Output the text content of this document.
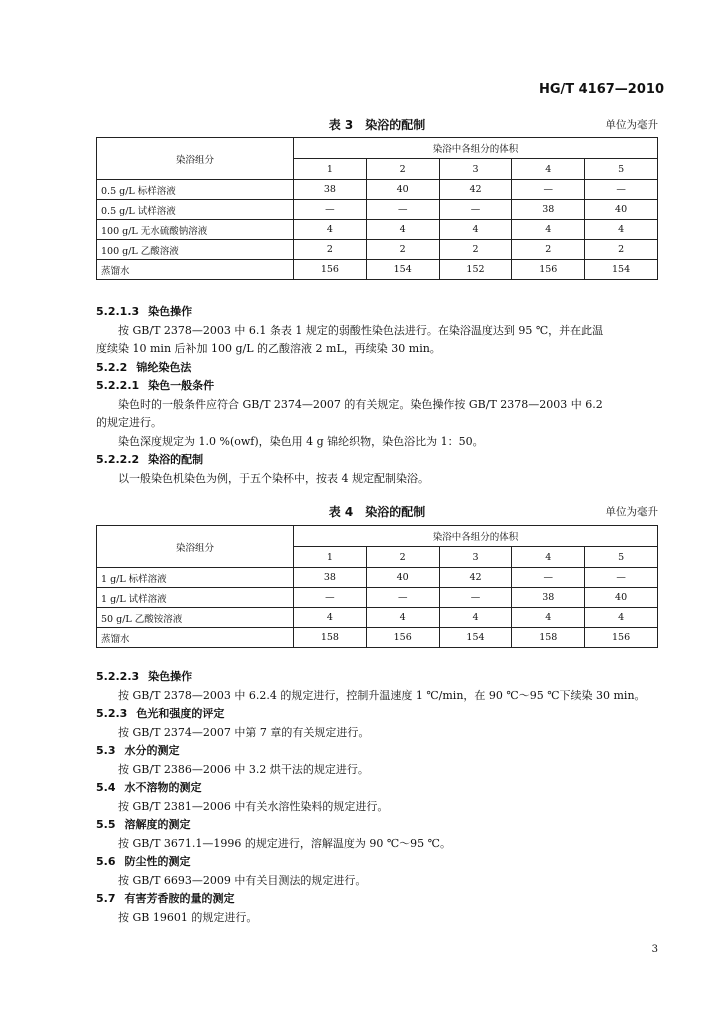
HG/T 4167—2010
表 3　染浴的配制	单位为毫升
染浴组分	染浴中各组分的体积				
	1	2	3	4	5
0.5 g/L 标样溶液	38	40	42	—	—
0.5 g/L 试样溶液	—	—	—	38	40
100 g/L 无水硫酸钠溶液	4	4	4	4	4
100 g/L 乙酸溶液	2	2	2	2	2
蒸馏水	156	154	152	156	154

5.2.1.3 染色操作

按 GB/T 2378—2003 中 6.1 条表 1 规定的弱酸性染色法进行。在染浴温度达到 95 ℃，并在此温

度续染 10 min 后补加 100 g/L 的乙酸溶液 2 mL，再续染 30 min。

5.2.2 锦纶染色法

5.2.2.1 染色一般条件

染色时的一般条件应符合 GB/T 2374—2007 的有关规定。染色操作按 GB/T 2378—2003 中 6.2

的规定进行。

染色深度规定为 1.0 %(owf)，染色用 4 g 锦纶织物，染色浴比为 1：50。

5.2.2.2 染浴的配制

以一般染色机染色为例，于五个染杯中，按表 4 规定配制染浴。

表 4　染浴的配制	单位为毫升
染浴组分	染浴中各组分的体积				
	1	2	3	4	5
1 g/L 标样溶液	38	40	42	—	—
1 g/L 试样溶液	—	—	—	38	40
50 g/L 乙酸铵溶液	4	4	4	4	4
蒸馏水	158	156	154	158	156

5.2.2.3 染色操作

按 GB/T 2378—2003 中 6.2.4 的规定进行，控制升温速度 1 ℃/min，在 90 ℃～95 ℃下续染 30 min。

5.2.3 色光和强度的评定

按 GB/T 2374—2007 中第 7 章的有关规定进行。

5.3 水分的测定

按 GB/T 2386—2006 中 3.2 烘干法的规定进行。

5.4 水不溶物的测定

按 GB/T 2381—2006 中有关水溶性染料的规定进行。

5.5 溶解度的测定

按 GB/T 3671.1—1996 的规定进行，溶解温度为 90 ℃～95 ℃。

5.6 防尘性的测定

按 GB/T 6693—2009 中有关目测法的规定进行。

5.7 有害芳香胺的量的测定

按 GB 19601 的规定进行。

3
